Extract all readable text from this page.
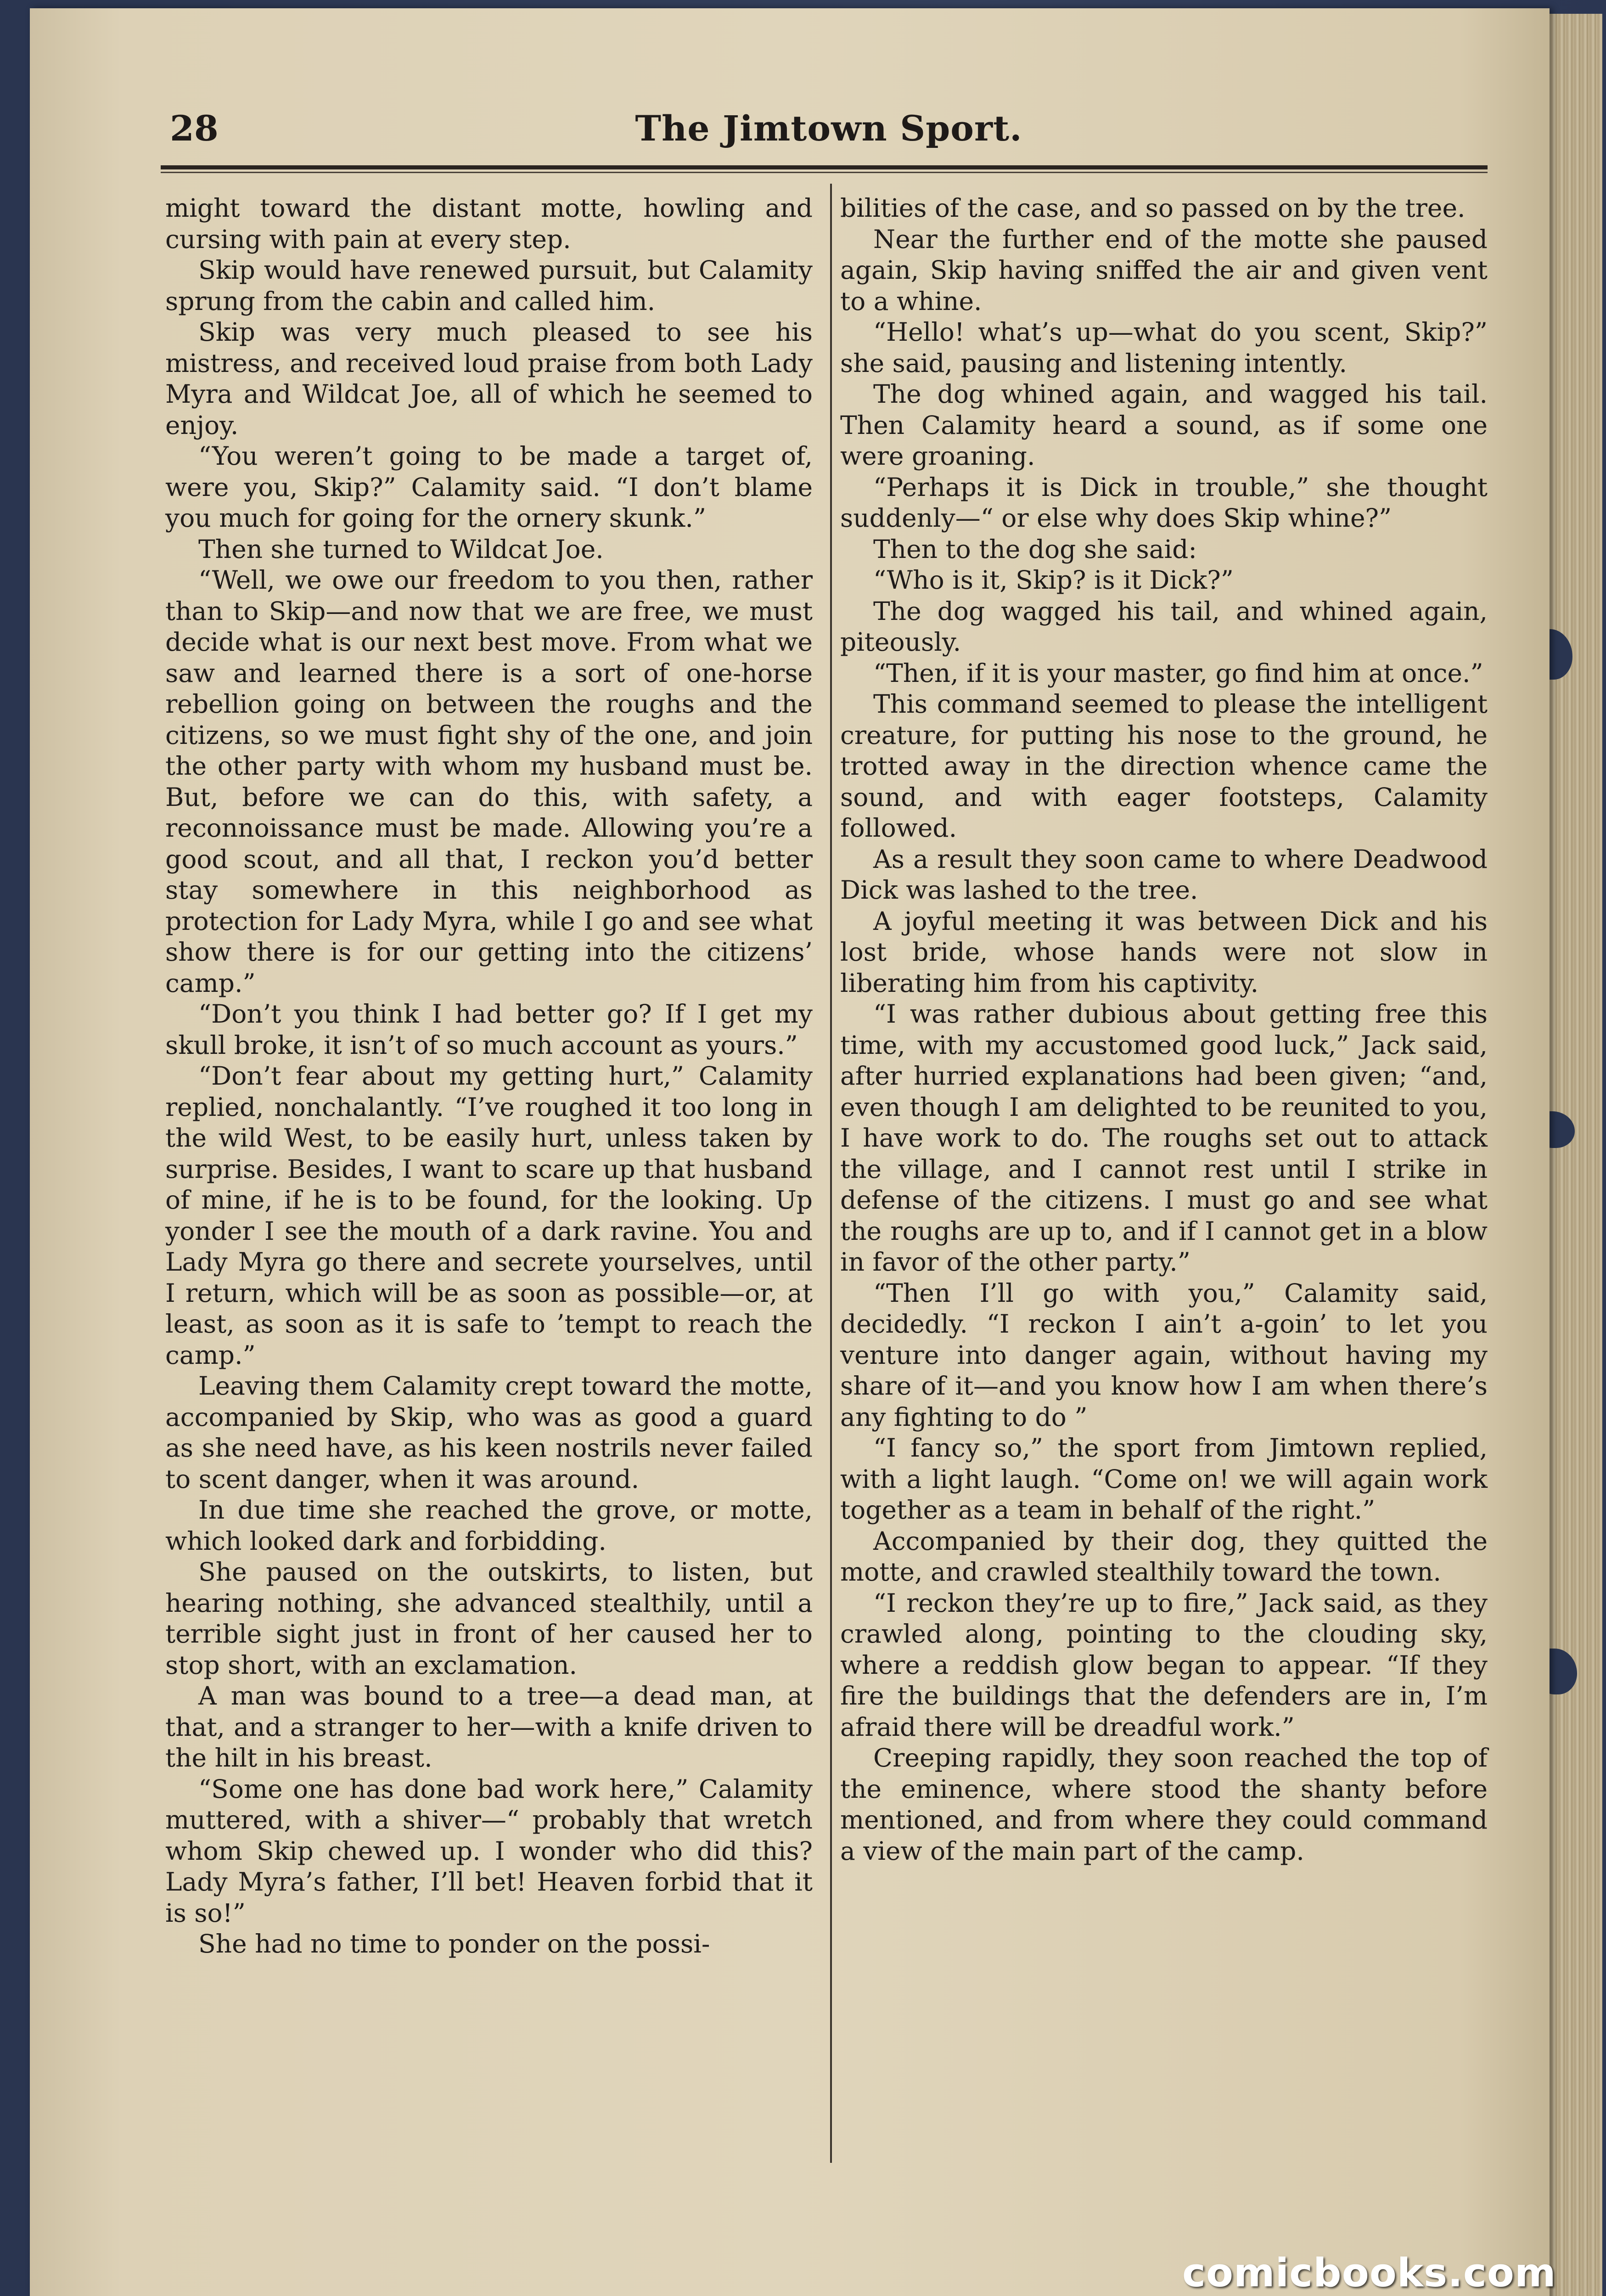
28	The Jimtown Sport.

might toward the distant motte, howling and cursing with pain at every step.

Skip would have renewed pursuit, but Calamity sprung from the cabin and called him.

Skip was very much pleased to see his mistress, and received loud praise from both Lady Myra and Wildcat Joe, all of which he seemed to enjoy.

“You weren’t going to be made a target of, were you, Skip?” Calamity said. “I don’t blame you much for going for the ornery skunk.”

Then she turned to Wildcat Joe.

“Well, we owe our freedom to you then, rather than to Skip—and now that we are free, we must decide what is our next best move. From what we saw and learned there is a sort of one-horse rebellion going on between the roughs and the citizens, so we must fight shy of the one, and join the other party with whom my husband must be. But, before we can do this, with safety, a reconnoissance must be made. Allowing you’re a good scout, and all that, I reckon you’d better stay somewhere in this neighborhood as protection for Lady Myra, while I go and see what show there is for our getting into the citizens’ camp.”

“Don’t you think I had better go? If I get my skull broke, it isn’t of so much account as yours.”

“Don’t fear about my getting hurt,” Calamity replied, nonchalantly. “I’ve roughed it too long in the wild West, to be easily hurt, unless taken by surprise. Besides, I want to scare up that husband of mine, if he is to be found, for the looking. Up yonder I see the mouth of a dark ravine. You and Lady Myra go there and secrete yourselves, until I return, which will be as soon as possible—or, at least, as soon as it is safe to ’tempt to reach the camp.”

Leaving them Calamity crept toward the motte, accompanied by Skip, who was as good a guard as she need have, as his keen nostrils never failed to scent danger, when it was around.

In due time she reached the grove, or motte, which looked dark and forbidding.

She paused on the outskirts, to listen, but hearing nothing, she advanced stealthily, until a terrible sight just in front of her caused her to stop short, with an exclamation.

A man was bound to a tree—a dead man, at that, and a stranger to her—with a knife driven to the hilt in his breast.

“Some one has done bad work here,” Calamity muttered, with a shiver—“ probably that wretch whom Skip chewed up. I wonder who did this? Lady Myra’s father, I’ll bet! Heaven forbid that it is so!”

She had no time to ponder on the possi-

bilities of the case, and so passed on by the tree.

Near the further end of the motte she paused again, Skip having sniffed the air and given vent to a whine.

“Hello! what’s up—what do you scent, Skip?” she said, pausing and listening intently.

The dog whined again, and wagged his tail. Then Calamity heard a sound, as if some one were groaning.

“Perhaps it is Dick in trouble,” she thought suddenly—“ or else why does Skip whine?”

Then to the dog she said:

“Who is it, Skip? is it Dick?”

The dog wagged his tail, and whined again, piteously.

“Then, if it is your master, go find him at once.”

This command seemed to please the intelligent creature, for putting his nose to the ground, he trotted away in the direction whence came the sound, and with eager footsteps, Calamity followed.

As a result they soon came to where Deadwood Dick was lashed to the tree.

A joyful meeting it was between Dick and his lost bride, whose hands were not slow in liberating him from his captivity.

“I was rather dubious about getting free this time, with my accustomed good luck,” Jack said, after hurried explanations had been given; “and, even though I am delighted to be reunited to you, I have work to do. The roughs set out to attack the village, and I cannot rest until I strike in defense of the citizens. I must go and see what the roughs are up to, and if I cannot get in a blow in favor of the other party.”

“Then I’ll go with you,” Calamity said, decidedly. “I reckon I ain’t a-goin’ to let you venture into danger again, without having my share of it—and you know how I am when there’s any fighting to do ”

“I fancy so,” the sport from Jimtown replied, with a light laugh. “Come on! we will again work together as a team in behalf of the right.”

Accompanied by their dog, they quitted the motte, and crawled stealthily toward the town.

“I reckon they’re up to fire,” Jack said, as they crawled along, pointing to the clouding sky, where a reddish glow began to appear. “If they fire the buildings that the defenders are in, I’m afraid there will be dreadful work.”

Creeping rapidly, they soon reached the top of the eminence, where stood the shanty before mentioned, and from where they could command a view of the main part of the camp.

comicbooks.com
